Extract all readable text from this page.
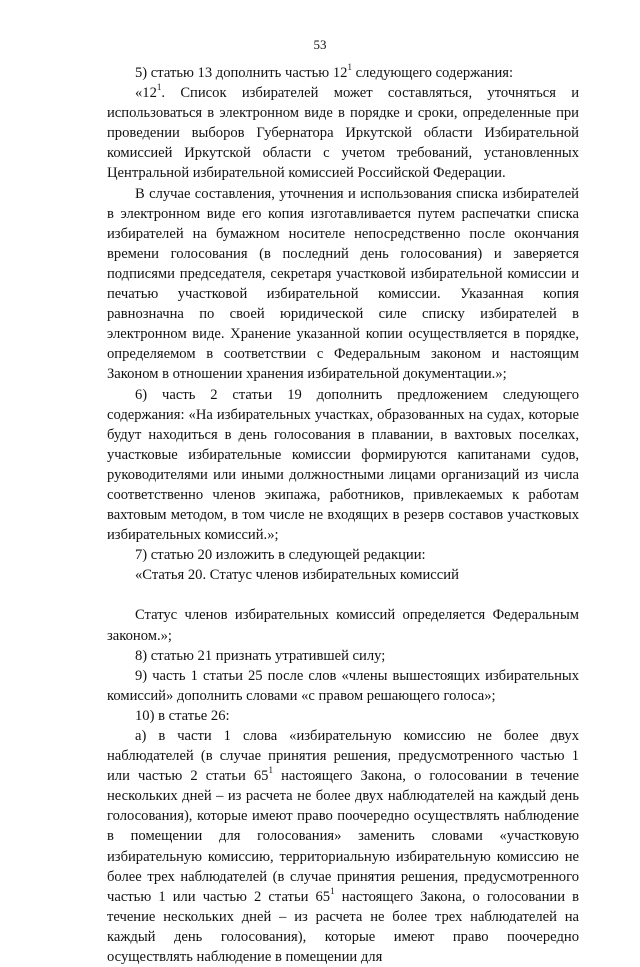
53

5) статью 13 дополнить частью $12^1$ следующего содержания:

«$12^1$. Список избирателей может составляться, уточняться и использоваться в электронном виде в порядке и сроки, определенные при проведении выборов Губернатора Иркутской области Избирательной комиссией Иркутской области с учетом требований, установленных Центральной избирательной комиссией Российской Федерации.

В случае составления, уточнения и использования списка избирателей в электронном виде его копия изготавливается путем распечатки списка избирателей на бумажном носителе непосредственно после окончания времени голосования (в последний день голосования) и заверяется подписями председателя, секретаря участковой избирательной комиссии и печатью участковой избирательной комиссии. Указанная копия равнозначна по своей юридической силе списку избирателей в электронном виде. Хранение указанной копии осуществляется в порядке, определяемом в соответствии с Федеральным законом и настоящим Законом в отношении хранения избирательной документации.»;

6) часть 2 статьи 19 дополнить предложением следующего содержания: «На избирательных участках, образованных на судах, которые будут находиться в день голосования в плавании, в вахтовых поселках, участковые избирательные комиссии формируются капитанами судов, руководителями или иными должностными лицами организаций из числа соответственно членов экипажа, работников, привлекаемых к работам вахтовым методом, в том числе не входящих в резерв составов участковых избирательных комиссий.»;

7) статью 20 изложить в следующей редакции:

«Статья 20. Статус членов избирательных комиссий

Статус членов избирательных комиссий определяется Федеральным законом.»;

8) статью 21 признать утратившей силу;

9) часть 1 статьи 25 после слов «члены вышестоящих избирательных комиссий» дополнить словами «с правом решающего голоса»;

10) в статье 26:

а) в части 1 слова «избирательную комиссию не более двух наблюдателей (в случае принятия решения, предусмотренного частью 1 или частью 2 статьи $65^1$ настоящего Закона, о голосовании в течение нескольких дней – из расчета не более двух наблюдателей на каждый день голосования), которые имеют право поочередно осуществлять наблюдение в помещении для голосования» заменить словами «участковую избирательную комиссию, территориальную избирательную комиссию не более трех наблюдателей (в случае принятия решения, предусмотренного частью 1 или частью 2 статьи $65^1$ настоящего Закона, о голосовании в течение нескольких дней – из расчета не более трех наблюдателей на каждый день голосования), которые имеют право поочередно осуществлять наблюдение в помещении для
